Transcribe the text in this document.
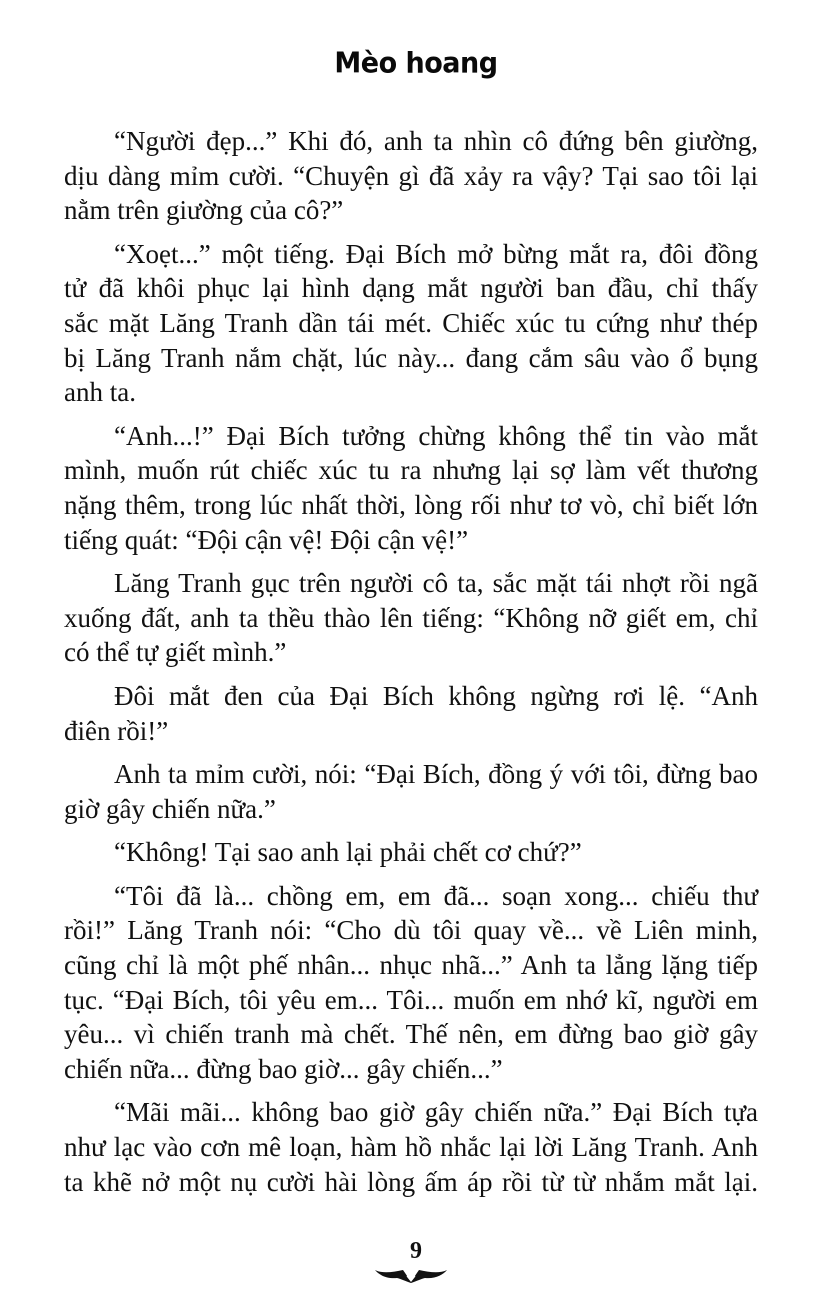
Mèo hoang
“Người đẹp...” Khi đó, anh ta nhìn cô đứng bên giường,
dịu dàng mỉm cười. “Chuyện gì đã xảy ra vậy? Tại sao tôi lại
nằm trên giường của cô?”
“Xoẹt...” một tiếng. Đại Bích mở bừng mắt ra, đôi đồng
tử đã khôi phục lại hình dạng mắt người ban đầu, chỉ thấy
sắc mặt Lăng Tranh dần tái mét. Chiếc xúc tu cứng như thép
bị Lăng Tranh nắm chặt, lúc này... đang cắm sâu vào ổ bụng
anh ta.
“Anh...!” Đại Bích tưởng chừng không thể tin vào mắt
mình, muốn rút chiếc xúc tu ra nhưng lại sợ làm vết thương
nặng thêm, trong lúc nhất thời, lòng rối như tơ vò, chỉ biết lớn
tiếng quát: “Đội cận vệ! Đội cận vệ!”
Lăng Tranh gục trên người cô ta, sắc mặt tái nhợt rồi ngã
xuống đất, anh ta thều thào lên tiếng: “Không nỡ giết em, chỉ
có thể tự giết mình.”
Đôi mắt đen của Đại Bích không ngừng rơi lệ. “Anh
điên rồi!”
Anh ta mỉm cười, nói: “Đại Bích, đồng ý với tôi, đừng bao
giờ gây chiến nữa.”
“Không! Tại sao anh lại phải chết cơ chứ?”
“Tôi đã là... chồng em, em đã... soạn xong... chiếu thư
rồi!” Lăng Tranh nói: “Cho dù tôi quay về... về Liên minh,
cũng chỉ là một phế nhân... nhục nhã...” Anh ta lẳng lặng tiếp
tục. “Đại Bích, tôi yêu em... Tôi... muốn em nhớ kĩ, người em
yêu... vì chiến tranh mà chết. Thế nên, em đừng bao giờ gây
chiến nữa... đừng bao giờ... gây chiến...”
“Mãi mãi... không bao giờ gây chiến nữa.” Đại Bích tựa
như lạc vào cơn mê loạn, hàm hồ nhắc lại lời Lăng Tranh. Anh
ta khẽ nở một nụ cười hài lòng ấm áp rồi từ từ nhắm mắt lại.
9
